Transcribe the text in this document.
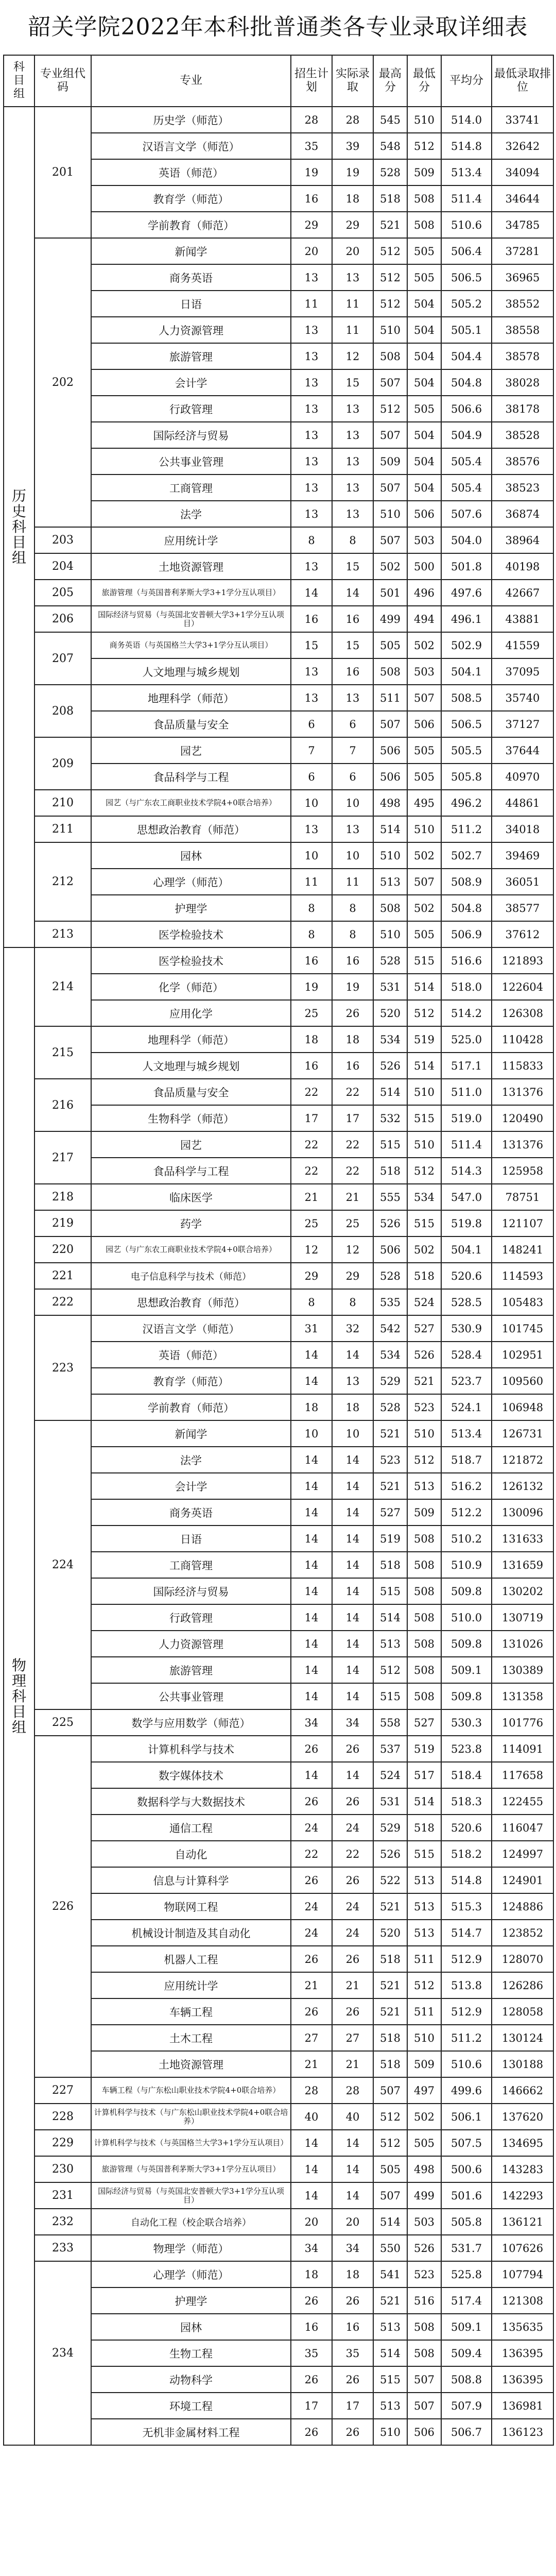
韶关学院2022年本科批普通类各专业录取详细表
科目组	专业组代码	专业	招生计划	实际录取	最高分	最低分	平均分	最低录取排位

历史科目组	201	历史学（师范）	28	28	545	510	514.0	33741
		汉语言文学（师范）	35	39	548	512	514.8	32642
		英语（师范）	19	19	528	509	513.4	34094
		教育学（师范）	16	18	518	508	511.4	34644
		学前教育（师范）	29	29	521	508	510.6	34785
	202	新闻学	20	20	512	505	506.4	37281
		商务英语	13	13	512	505	506.5	36965
		日语	11	11	512	504	505.2	38552
		人力资源管理	13	11	510	504	505.1	38558
		旅游管理	13	12	508	504	504.4	38578
		会计学	13	15	507	504	504.8	38028
		行政管理	13	13	512	505	506.6	38178
		国际经济与贸易	13	13	507	504	504.9	38528
		公共事业管理	13	13	509	504	505.4	38576
		工商管理	13	13	507	504	505.4	38523
		法学	13	13	510	506	507.6	36874
	203	应用统计学	8	8	507	503	504.0	38964
	204	土地资源管理	13	15	502	500	501.8	40198
	205	旅游管理（与英国普利茅斯大学3+1学分互认项目）	14	14	501	496	497.6	42667
	206	国际经济与贸易（与英国北安普顿大学3+1学分互认项目）	16	16	499	494	496.1	43881
	207	商务英语（与英国格兰大学3+1学分互认项目）	15	15	505	502	502.9	41559
		人文地理与城乡规划	13	16	508	503	504.1	37095
	208	地理科学（师范）	13	13	511	507	508.5	35740
		食品质量与安全	6	6	507	506	506.5	37127
	209	园艺	7	7	506	505	505.5	37644
		食品科学与工程	6	6	506	505	505.8	40970
	210	园艺（与广东农工商职业技术学院4+0联合培养）	10	10	498	495	496.2	44861
	211	思想政治教育（师范）	13	13	514	510	511.2	34018
	212	园林	10	10	510	502	502.7	39469
		心理学（师范）	11	11	513	507	508.9	36051
		护理学	8	8	508	502	504.8	38577
	213	医学检验技术	8	8	510	505	506.9	37612

物理科目组	214	医学检验技术	16	16	528	515	516.6	121893
		化学（师范）	19	19	531	514	518.0	122604
		应用化学	25	26	520	512	514.2	126308
	215	地理科学（师范）	18	18	534	519	525.0	110428
		人文地理与城乡规划	16	16	526	514	517.1	115833
	216	食品质量与安全	22	22	514	510	511.0	131376
		生物科学（师范）	17	17	532	515	519.0	120490
	217	园艺	22	22	515	510	511.4	131376
		食品科学与工程	22	22	518	512	514.3	125958
	218	临床医学	21	21	555	534	547.0	78751
	219	药学	25	25	526	515	519.8	121107
	220	园艺（与广东农工商职业技术学院4+0联合培养）	12	12	506	502	504.1	148241
	221	电子信息科学与技术（师范）	29	29	528	518	520.6	114593
	222	思想政治教育（师范）	8	8	535	524	528.5	105483
	223	汉语言文学（师范）	31	32	542	527	530.9	101745
		英语（师范）	14	14	534	526	528.4	102951
		教育学（师范）	14	13	529	521	523.7	109560
		学前教育（师范）	18	18	528	523	524.1	106948
	224	新闻学	10	10	521	510	513.4	126731
		法学	14	14	523	512	518.7	121872
		会计学	14	14	521	513	516.2	126132
		商务英语	14	14	527	509	512.2	130096
		日语	14	14	519	508	510.2	131633
		工商管理	14	14	518	508	510.9	131659
		国际经济与贸易	14	14	515	508	509.8	130202
		行政管理	14	14	514	508	510.0	130719
		人力资源管理	14	14	513	508	509.8	131026
		旅游管理	14	14	512	508	509.1	130389
		公共事业管理	14	14	515	508	509.8	131358
	225	数学与应用数学（师范）	34	34	558	527	530.3	101776
	226	计算机科学与技术	26	26	537	519	523.8	114091
		数字媒体技术	14	14	524	517	518.4	117658
		数据科学与大数据技术	26	26	531	514	518.3	122455
		通信工程	24	24	529	518	520.6	116047
		自动化	22	22	526	515	518.2	124997
		信息与计算科学	26	26	522	513	514.8	124901
		物联网工程	24	24	521	513	515.3	124886
		机械设计制造及其自动化	24	24	520	513	514.7	123852
		机器人工程	26	26	518	511	512.9	128070
		应用统计学	21	21	521	512	513.8	126286
		车辆工程	26	26	521	511	512.9	128058
		土木工程	27	27	518	510	511.2	130124
		土地资源管理	21	21	518	509	510.6	130188
	227	车辆工程（与广东松山职业技术学院4+0联合培养）	28	28	507	497	499.6	146662
	228	计算机科学与技术（与广东松山职业技术学院4+0联合培养）	40	40	512	502	506.1	137620
	229	计算机科学与技术（与英国格兰大学3+1学分互认项目）	14	14	512	505	507.5	134695
	230	旅游管理（与英国普利茅斯大学3+1学分互认项目）	14	14	505	498	500.6	143283
	231	国际经济与贸易（与英国北安普顿大学3+1学分互认项目）	14	14	507	499	501.6	142293
	232	自动化工程（校企联合培养）	20	20	514	503	505.8	136121
	233	物理学（师范）	34	34	550	526	531.7	107626
	234	心理学（师范）	18	18	541	523	525.8	107794
		护理学	26	26	521	516	517.4	121308
		园林	16	16	513	508	509.1	135635
		生物工程	35	35	514	508	509.4	136395
		动物科学	26	26	515	507	508.8	136395
		环境工程	17	17	513	507	507.9	136981
		无机非金属材料工程	26	26	510	506	506.7	136123
